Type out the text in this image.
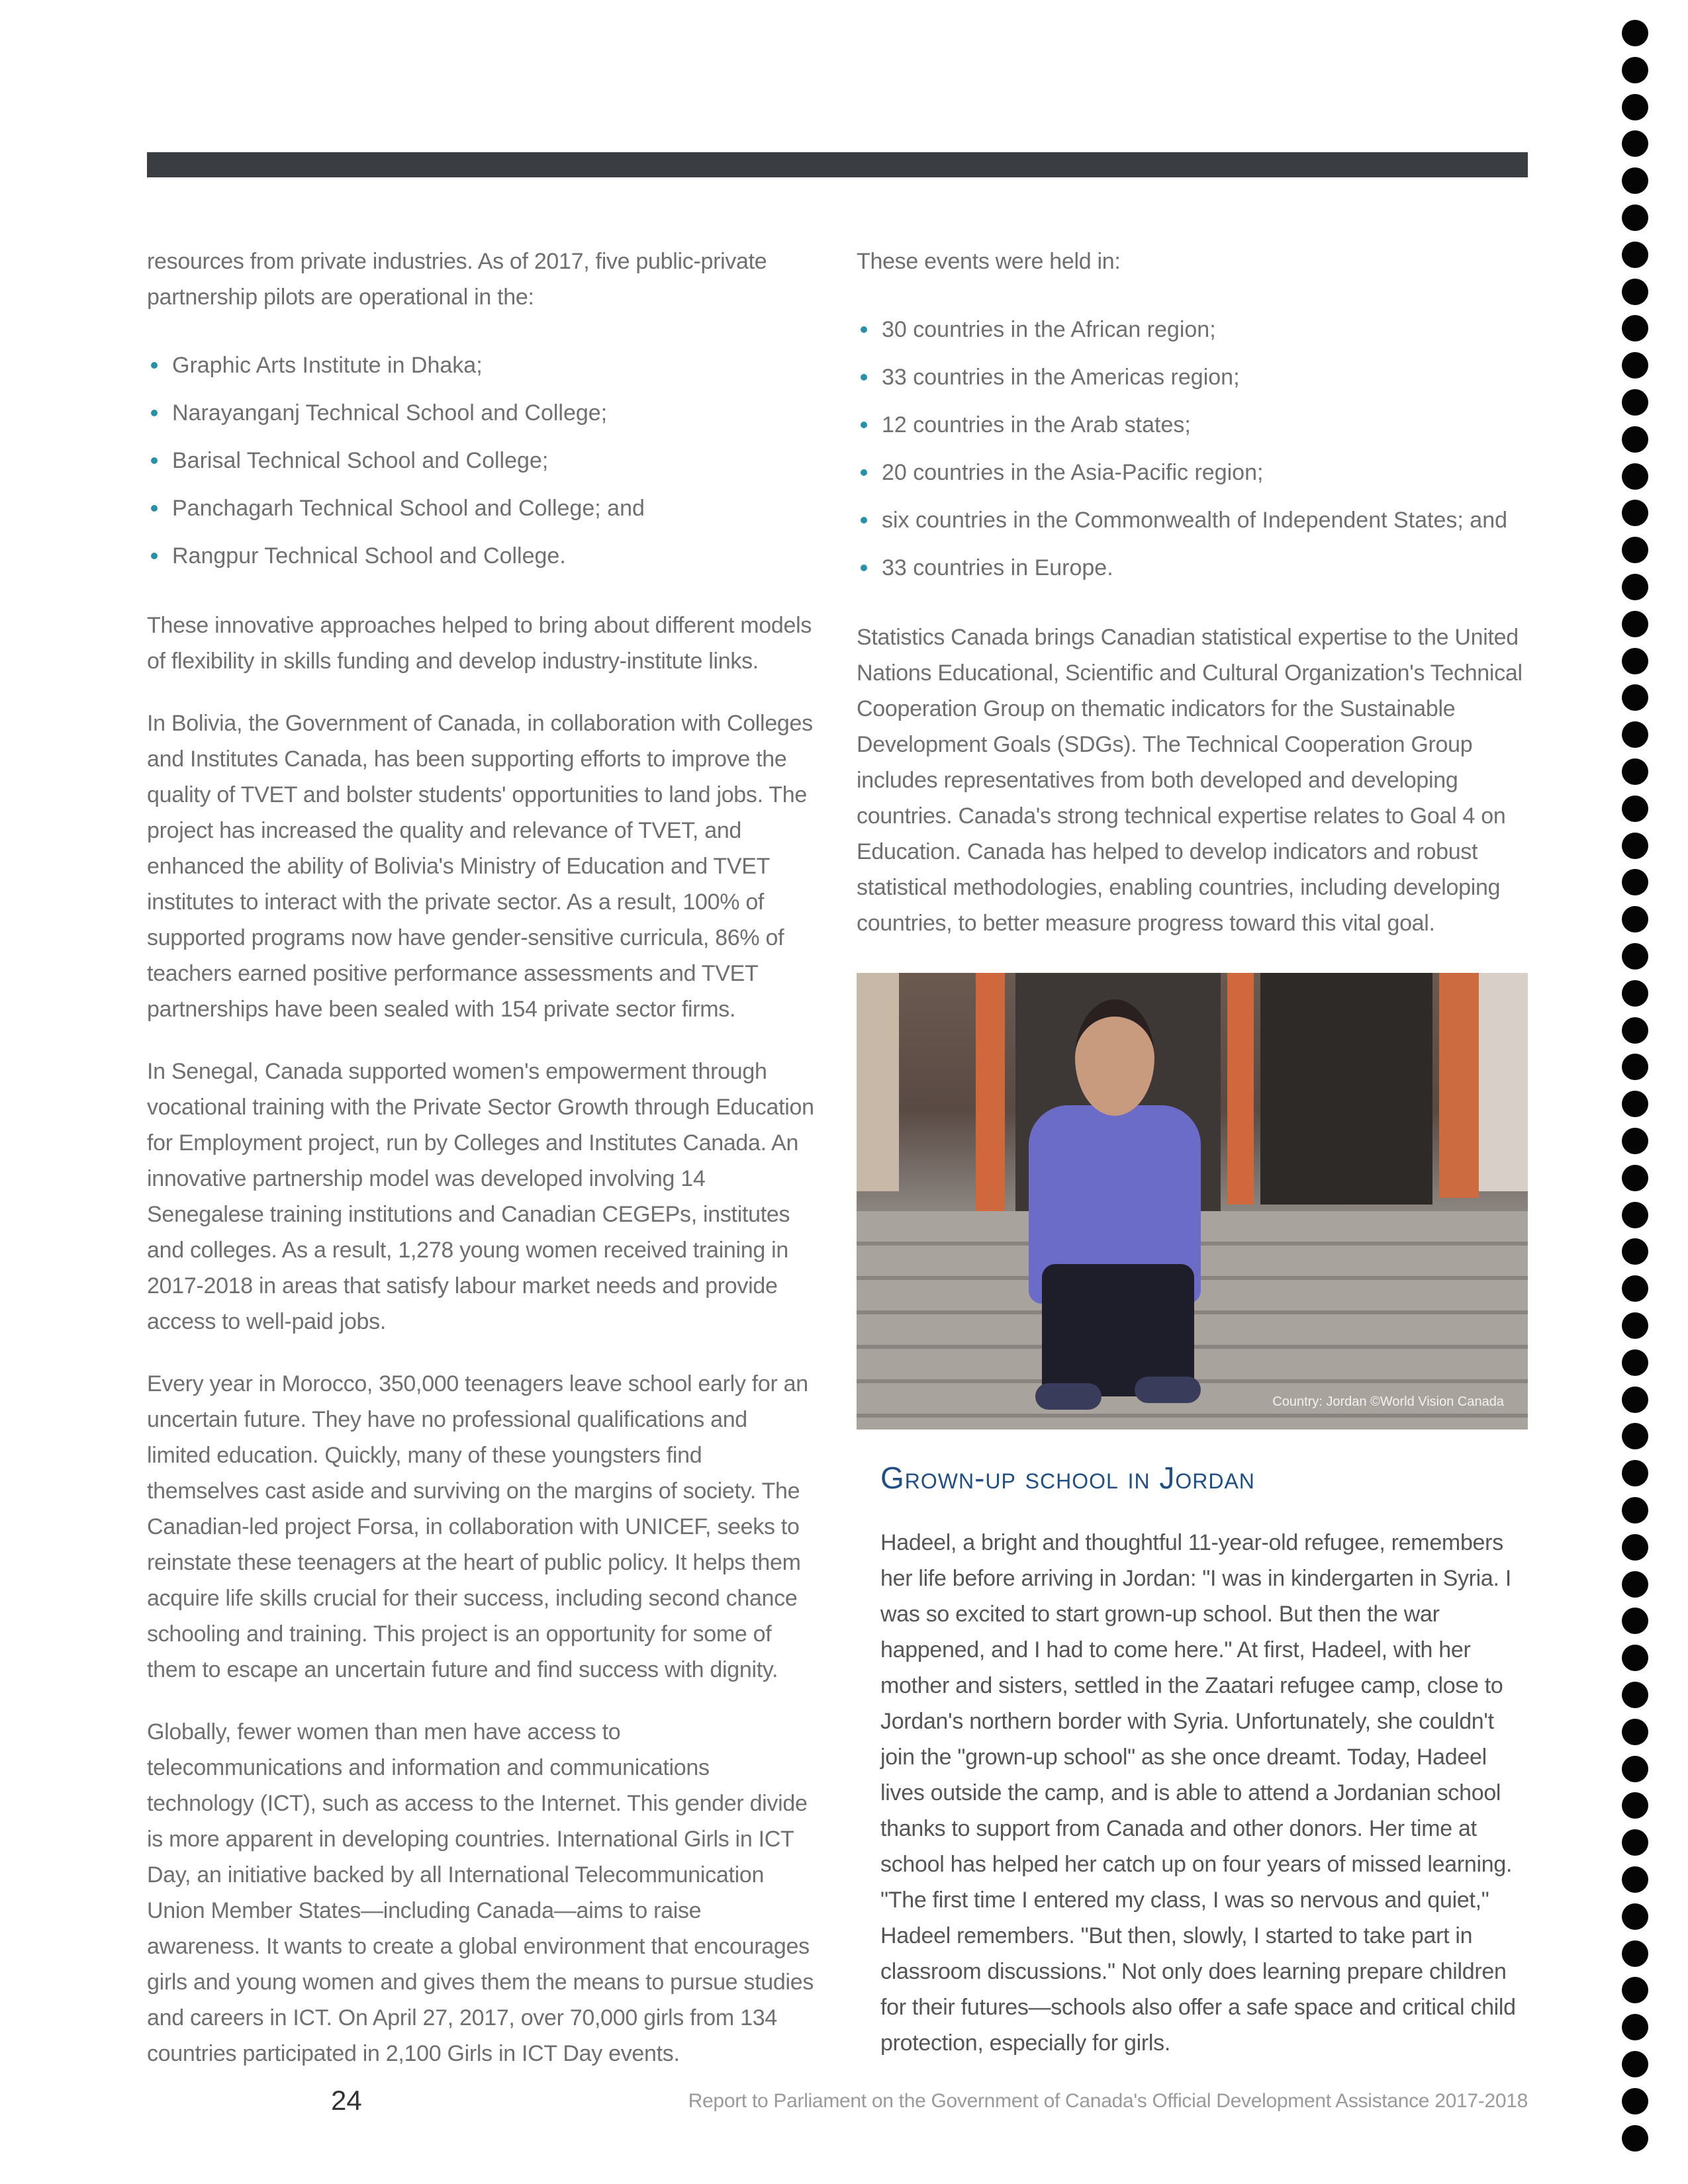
resources from private industries. As of 2017, five public-private partnership pilots are operational in the:

Graphic Arts Institute in Dhaka;
Narayanganj Technical School and College;
Barisal Technical School and College;
Panchagarh Technical School and College; and
Rangpur Technical School and College.

These innovative approaches helped to bring about different models of flexibility in skills funding and develop industry-institute links.

In Bolivia, the Government of Canada, in collaboration with Colleges and Institutes Canada, has been supporting efforts to improve the quality of TVET and bolster students' opportunities to land jobs. The project has increased the quality and relevance of TVET, and enhanced the ability of Bolivia's Ministry of Education and TVET institutes to interact with the private sector. As a result, 100% of supported programs now have gender-sensitive curricula, 86% of teachers earned positive performance assessments and TVET partnerships have been sealed with 154 private sector firms.

In Senegal, Canada supported women's empowerment through vocational training with the Private Sector Growth through Education for Employment project, run by Colleges and Institutes Canada. An innovative partnership model was developed involving 14 Senegalese training institutions and Canadian CEGEPs, institutes and colleges. As a result, 1,278 young women received training in 2017-2018 in areas that satisfy labour market needs and provide access to well-paid jobs.

Every year in Morocco, 350,000 teenagers leave school early for an uncertain future. They have no professional qualifications and limited education. Quickly, many of these youngsters find themselves cast aside and surviving on the margins of society. The Canadian-led project Forsa, in collaboration with UNICEF, seeks to reinstate these teenagers at the heart of public policy. It helps them acquire life skills crucial for their success, including second chance schooling and training. This project is an opportunity for some of them to escape an uncertain future and find success with dignity.

Globally, fewer women than men have access to telecommunications and information and communications technology (ICT), such as access to the Internet. This gender divide is more apparent in developing countries. International Girls in ICT Day, an initiative backed by all International Telecommunication Union Member States—including Canada—aims to raise awareness. It wants to create a global environment that encourages girls and young women and gives them the means to pursue studies and careers in ICT. On April 27, 2017, over 70,000 girls from 134 countries participated in 2,100 Girls in ICT Day events.

These events were held in:

30 countries in the African region;
33 countries in the Americas region;
12 countries in the Arab states;
20 countries in the Asia-Pacific region;
six countries in the Commonwealth of Independent States; and
33 countries in Europe.

Statistics Canada brings Canadian statistical expertise to the United Nations Educational, Scientific and Cultural Organization's Technical Cooperation Group on thematic indicators for the Sustainable Development Goals (SDGs). The Technical Cooperation Group includes representatives from both developed and developing countries. Canada's strong technical expertise relates to Goal 4 on Education. Canada has helped to develop indicators and robust statistical methodologies, enabling countries, including developing countries, to better measure progress toward this vital goal.

Country: Jordan ©World Vision Canada
Grown-up school in Jordan

Hadeel, a bright and thoughtful 11-year-old refugee, remembers her life before arriving in Jordan: "I was in kindergarten in Syria. I was so excited to start grown-up school. But then the war happened, and I had to come here." At first, Hadeel, with her mother and sisters, settled in the Zaatari refugee camp, close to Jordan's northern border with Syria. Unfortunately, she couldn't join the "grown-up school" as she once dreamt. Today, Hadeel lives outside the camp, and is able to attend a Jordanian school thanks to support from Canada and other donors. Her time at school has helped her catch up on four years of missed learning. "The first time I entered my class, I was so nervous and quiet," Hadeel remembers. "But then, slowly, I started to take part in classroom discussions." Not only does learning prepare children for their futures—schools also offer a safe space and critical child protection, especially for girls.

24	Report to Parliament on the Government of Canada's Official Development Assistance 2017-2018
